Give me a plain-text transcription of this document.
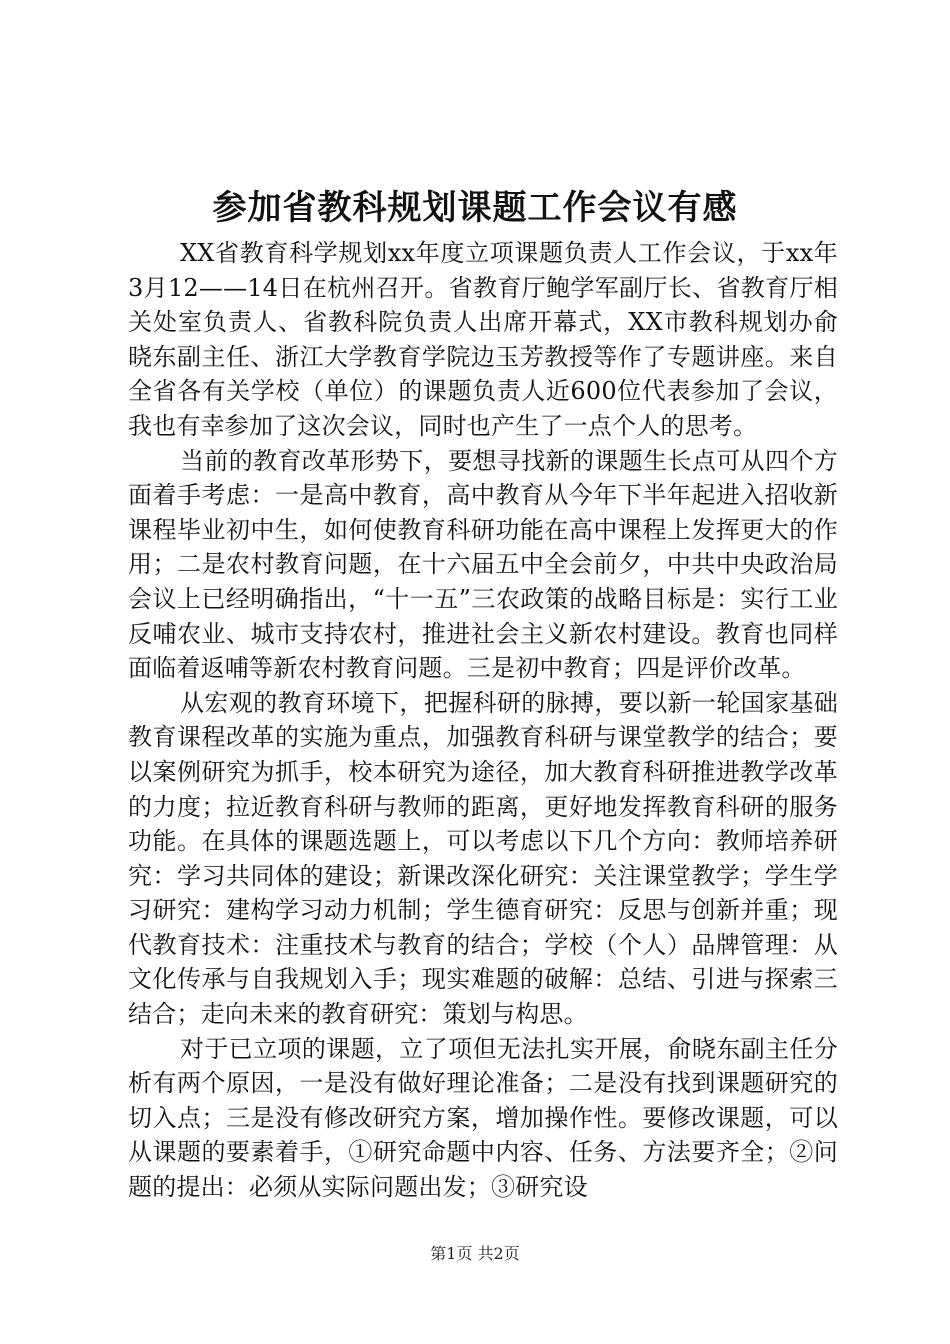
参加省教科规划课题工作会议有感

XX省教育科学规划xx年度立项课题负责人工作会议，于xx年3月12——14日在杭州召开。省教育厅鲍学军副厅长、省教育厅相关处室负责人、省教科院负责人出席开幕式，XX市教科规划办俞晓东副主任、浙江大学教育学院边玉芳教授等作了专题讲座。来自全省各有关学校（单位）的课题负责人近600位代表参加了会议，我也有幸参加了这次会议，同时也产生了一点个人的思考。

当前的教育改革形势下，要想寻找新的课题生长点可从四个方面着手考虑：一是高中教育，高中教育从今年下半年起进入招收新课程毕业初中生，如何使教育科研功能在高中课程上发挥更大的作用；二是农村教育问题，在十六届五中全会前夕，中共中央政治局会议上已经明确指出，“十一五”三农政策的战略目标是：实行工业反哺农业、城市支持农村，推进社会主义新农村建设。教育也同样面临着返哺等新农村教育问题。三是初中教育；四是评价改革。

从宏观的教育环境下，把握科研的脉搏，要以新一轮国家基础教育课程改革的实施为重点，加强教育科研与课堂教学的结合；要以案例研究为抓手，校本研究为途径，加大教育科研推进教学改革的力度；拉近教育科研与教师的距离，更好地发挥教育科研的服务功能。在具体的课题选题上，可以考虑以下几个方向：教师培养研究：学习共同体的建设；新课改深化研究：关注课堂教学；学生学习研究：建构学习动力机制；学生德育研究：反思与创新并重；现代教育技术：注重技术与教育的结合；学校（个人）品牌管理：从文化传承与自我规划入手；现实难题的破解：总结、引进与探索三结合；走向未来的教育研究：策划与构思。

对于已立项的课题，立了项但无法扎实开展，俞晓东副主任分析有两个原因，一是没有做好理论准备；二是没有找到课题研究的切入点；三是没有修改研究方案，增加操作性。要修改课题，可以从课题的要素着手，①研究命题中内容、任务、方法要齐全；②问题的提出：必须从实际问题出发；③研究设

第1页 共2页
